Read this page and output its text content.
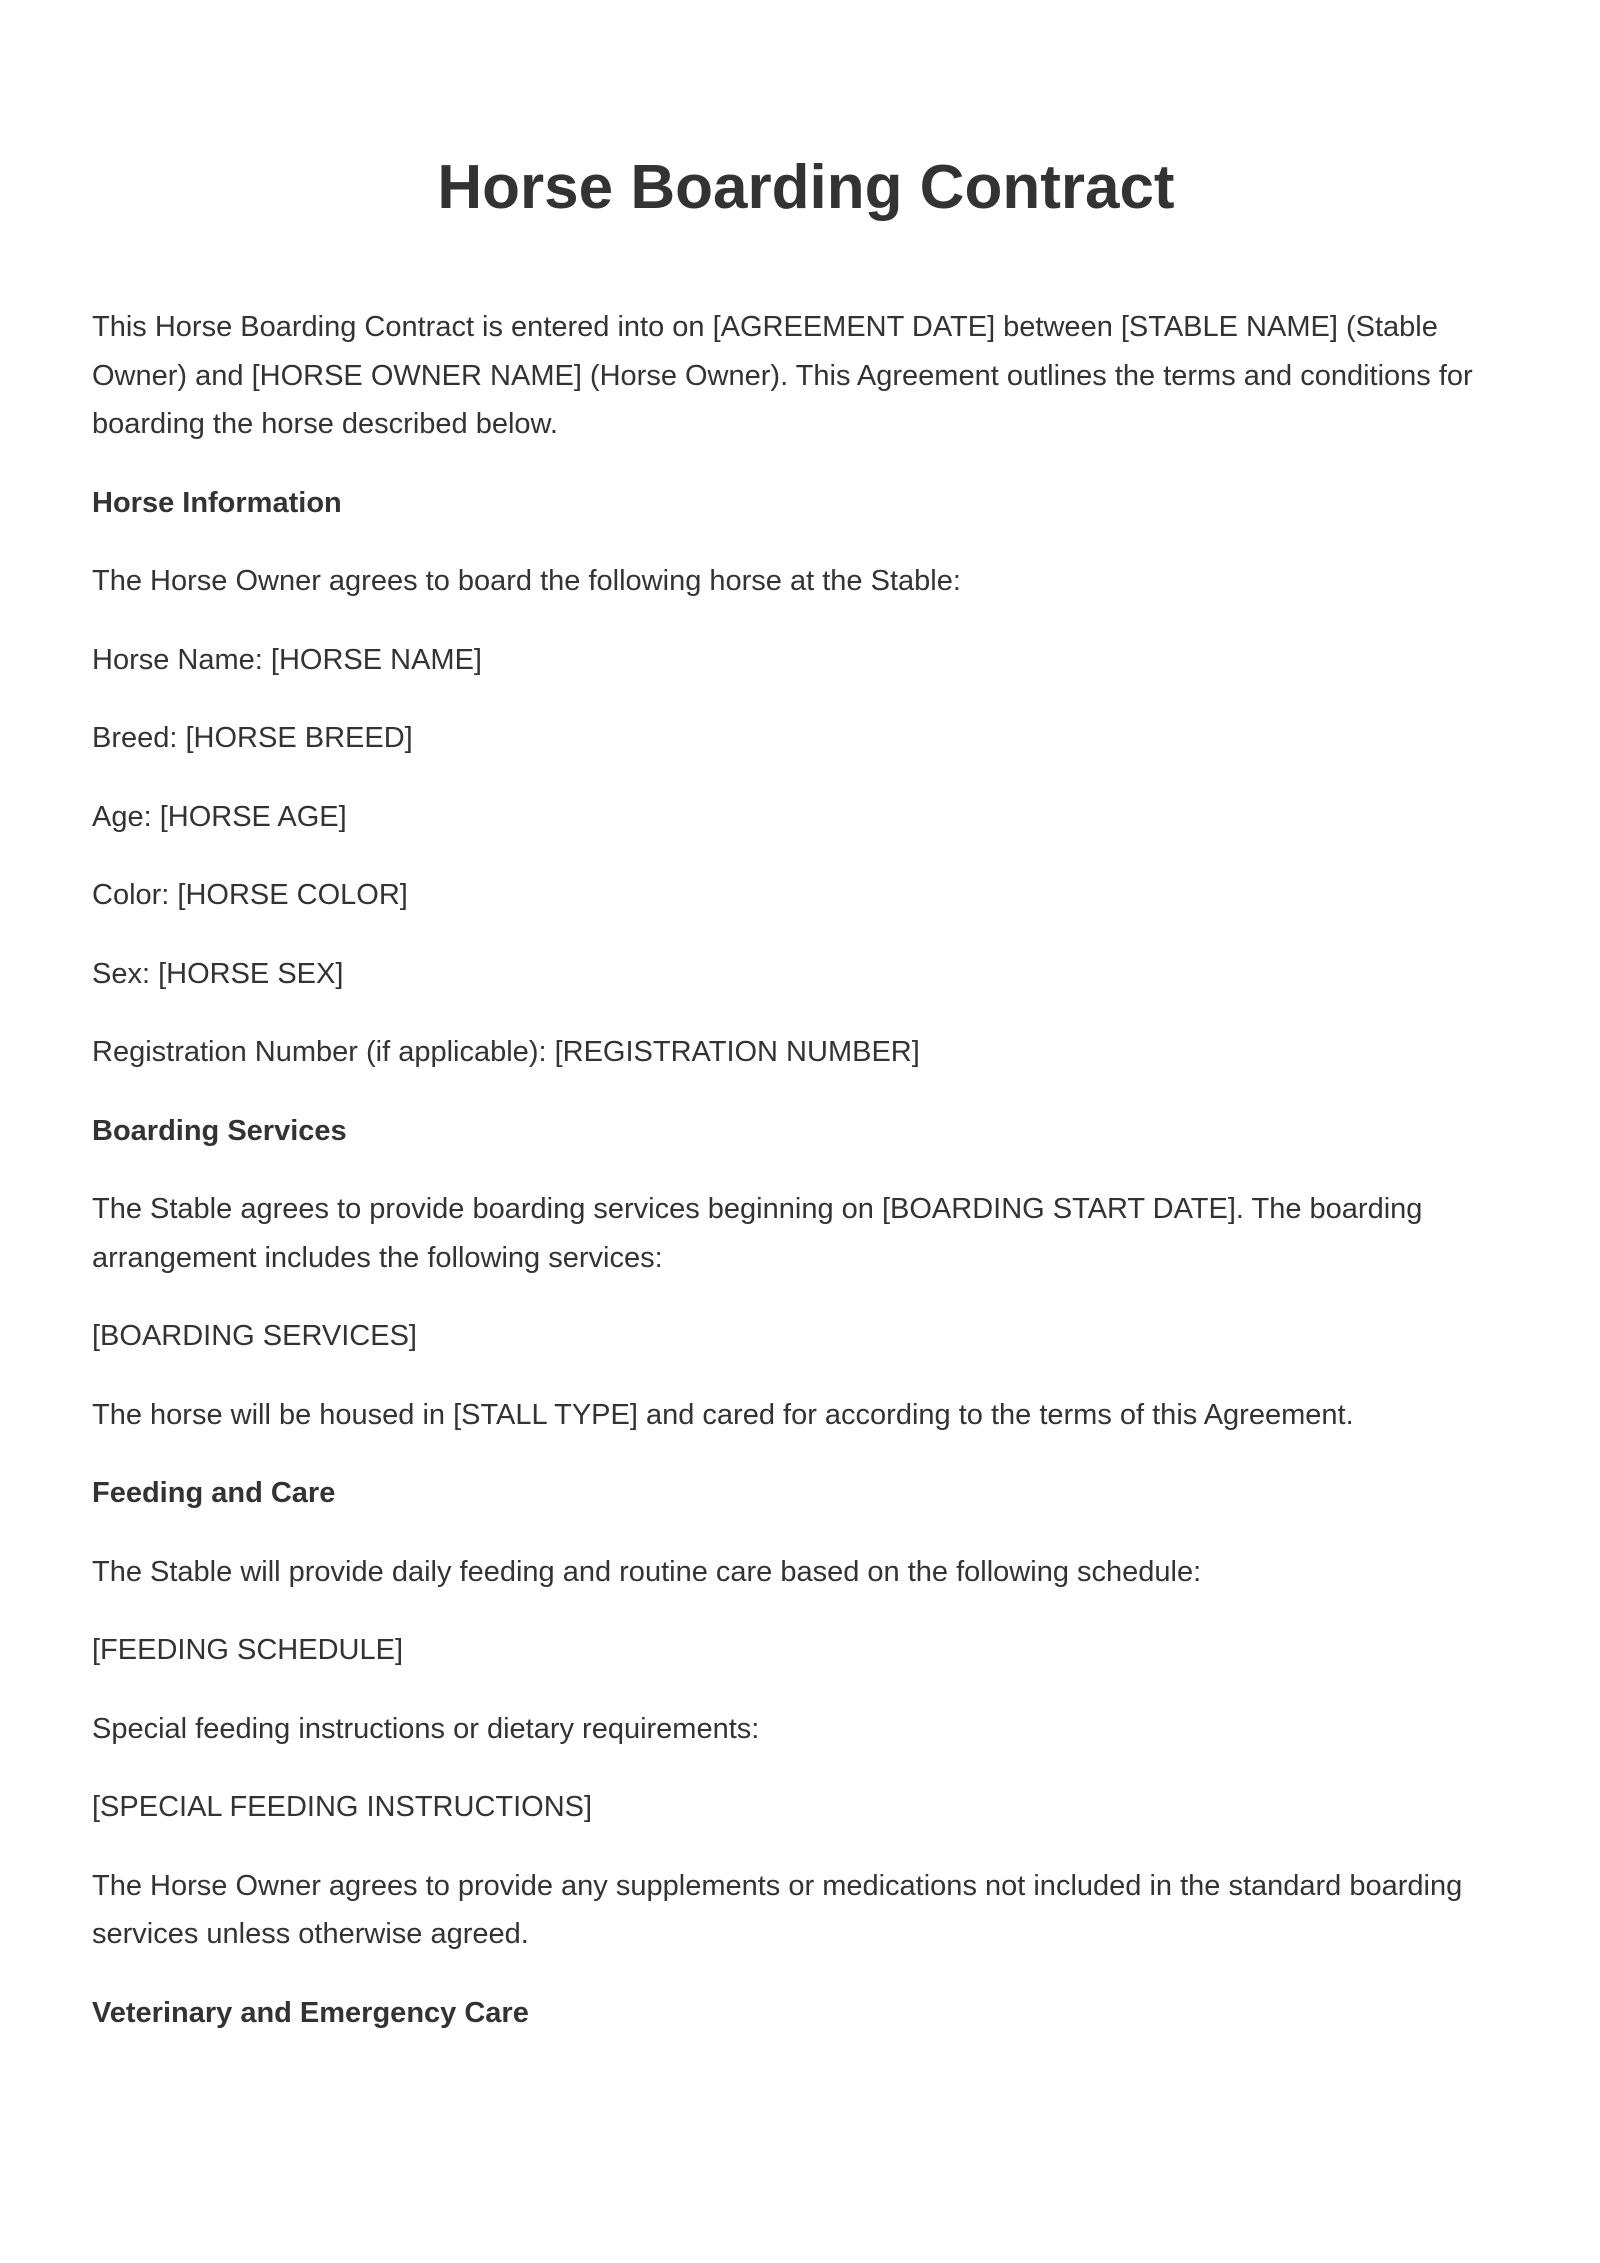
Horse Boarding Contract

This Horse Boarding Contract is entered into on [AGREEMENT DATE] between [STABLE NAME] (Stable Owner) and [HORSE OWNER NAME] (Horse Owner). This Agreement outlines the terms and conditions for boarding the horse described below.

Horse Information

The Horse Owner agrees to board the following horse at the Stable:

Horse Name: [HORSE NAME]

Breed: [HORSE BREED]

Age: [HORSE AGE]

Color: [HORSE COLOR]

Sex: [HORSE SEX]

Registration Number (if applicable): [REGISTRATION NUMBER]

Boarding Services

The Stable agrees to provide boarding services beginning on [BOARDING START DATE]. The boarding arrangement includes the following services:

[BOARDING SERVICES]

The horse will be housed in [STALL TYPE] and cared for according to the terms of this Agreement.

Feeding and Care

The Stable will provide daily feeding and routine care based on the following schedule:

[FEEDING SCHEDULE]

Special feeding instructions or dietary requirements:

[SPECIAL FEEDING INSTRUCTIONS]

The Horse Owner agrees to provide any supplements or medications not included in the standard boarding services unless otherwise agreed.

Veterinary and Emergency Care
